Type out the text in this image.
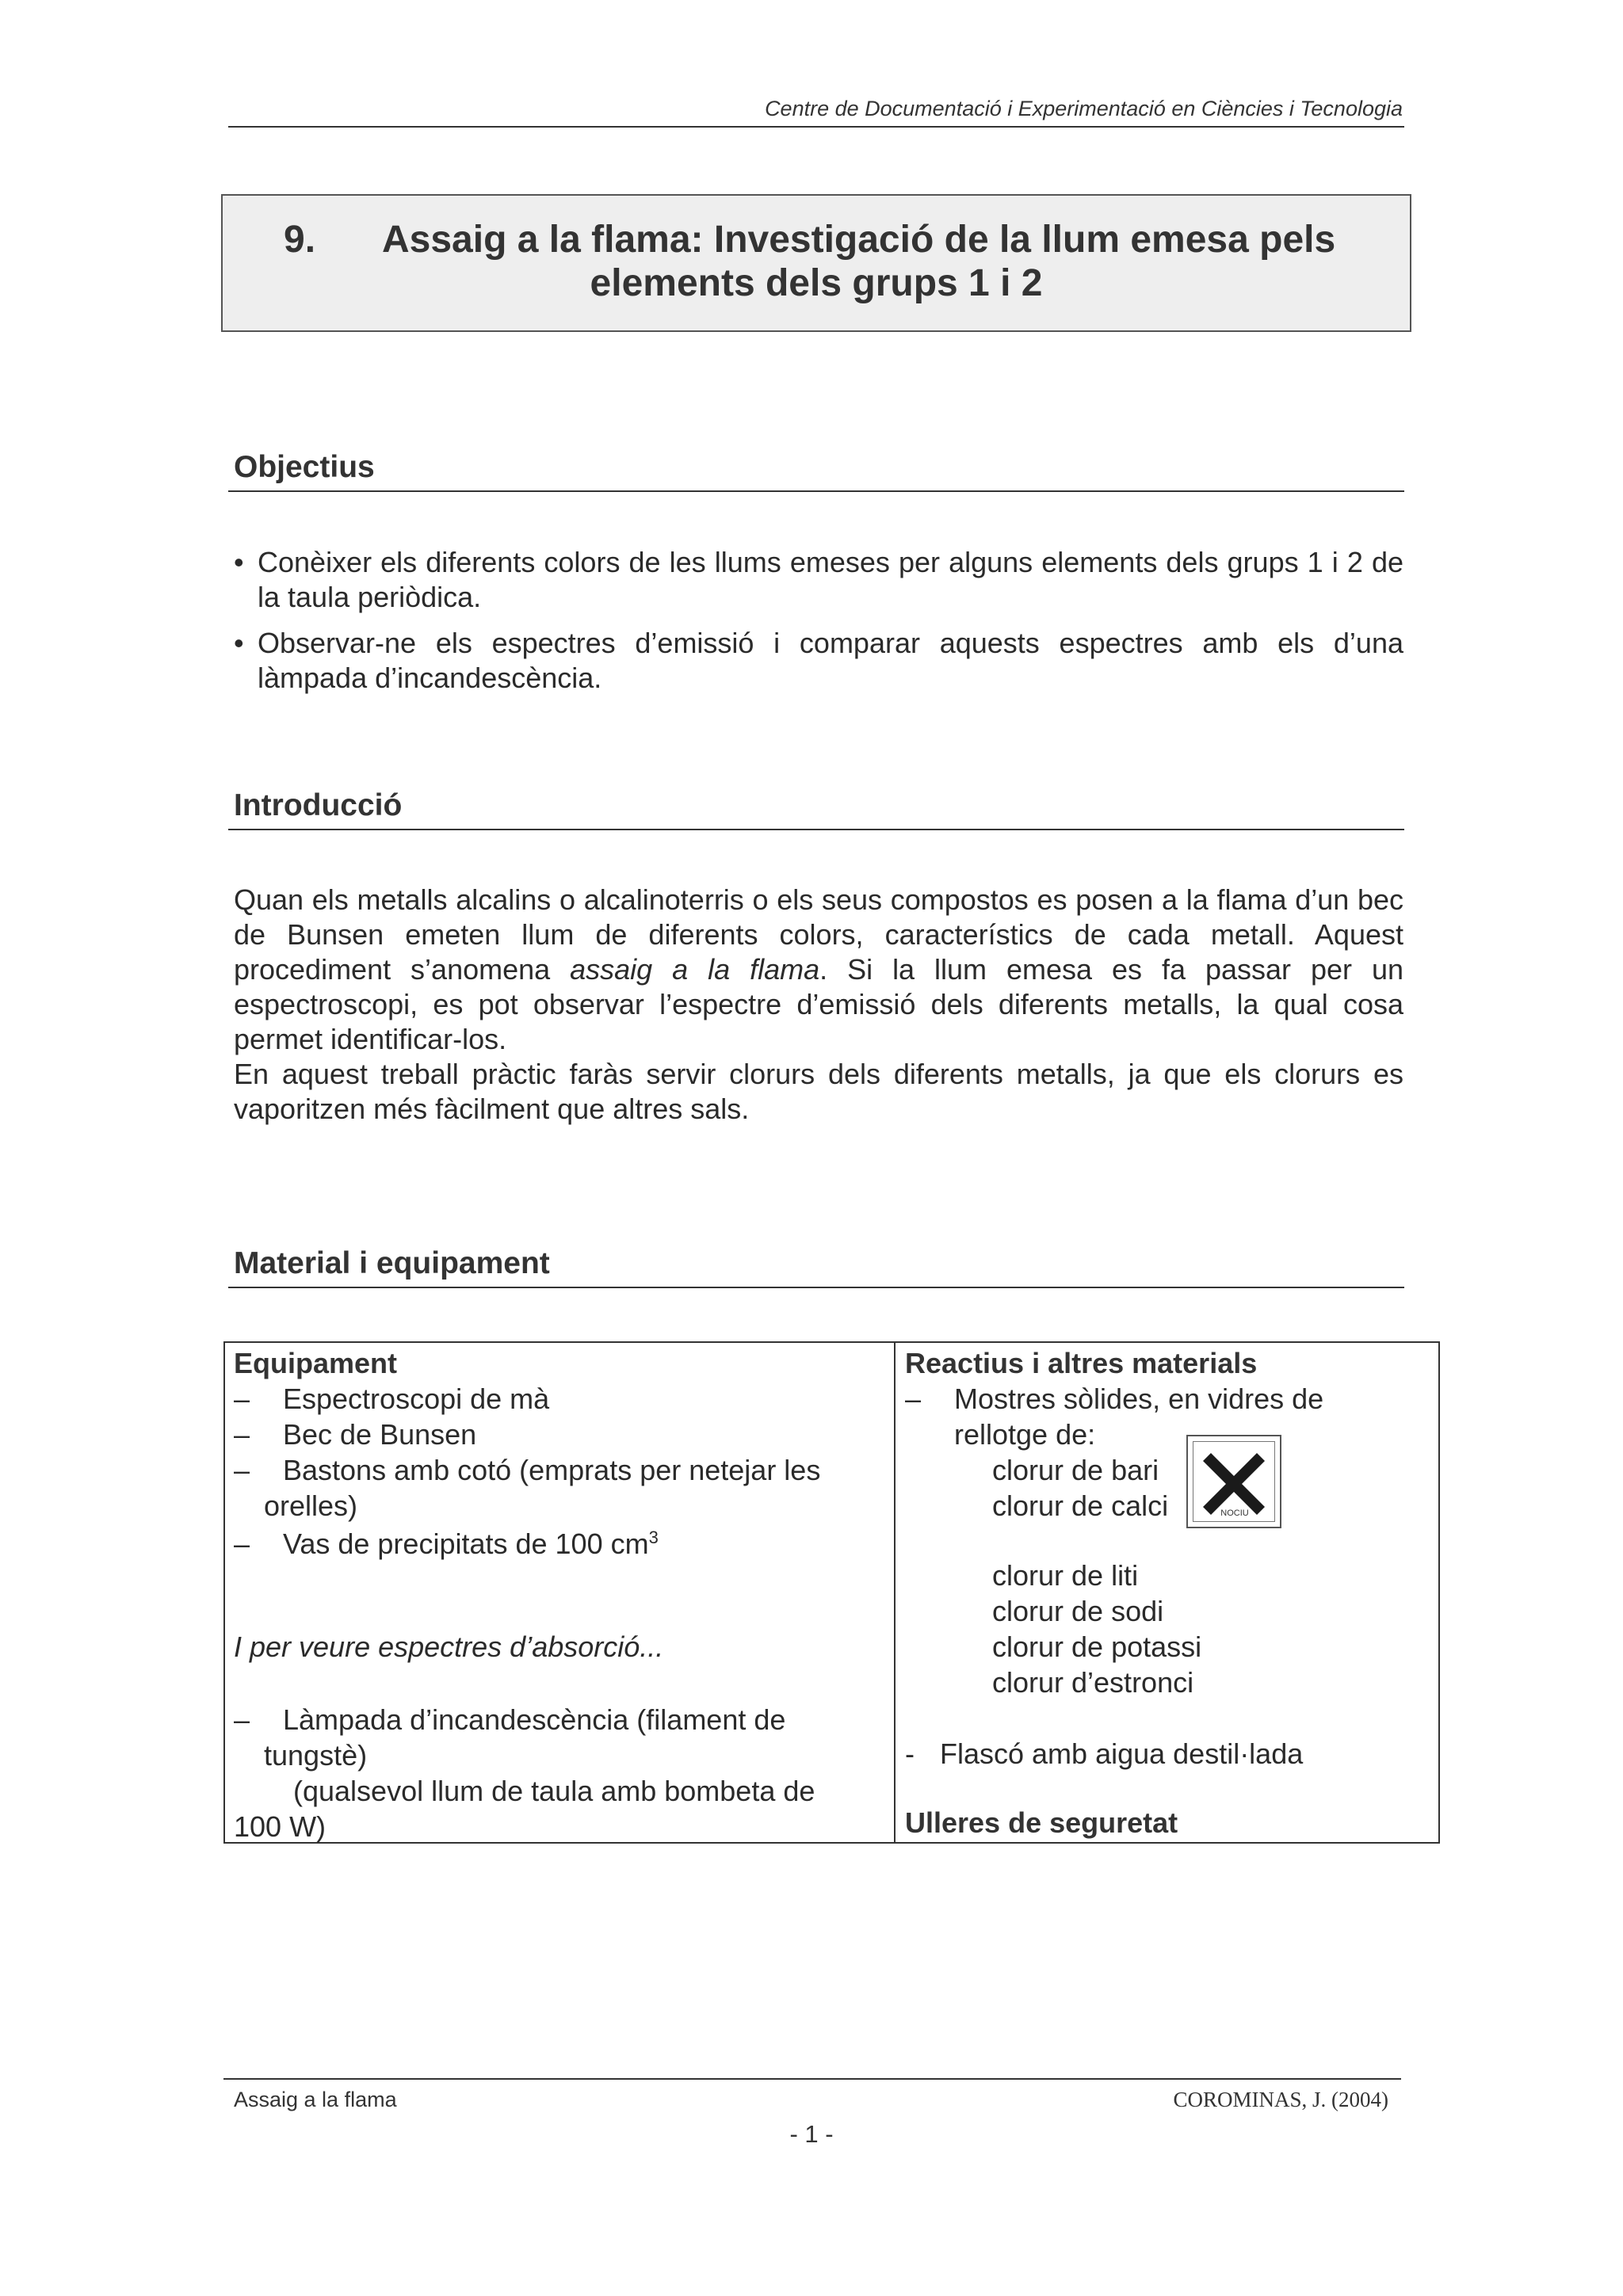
Centre de Documentació i Experimentació en Ciències i Tecnologia
9. Assaig a la flama: Investigació de la llum emesa pels
elements dels grups 1 i 2
Objectius
• Conèixer els diferents colors de les llums emeses per alguns elements dels grups 1 i 2 de la taula periòdica.
• Observar-ne els espectres d’emissió i comparar aquests espectres amb els d’una làmpada d’incandescència.
Introducció
Quan els metalls alcalins o alcalinoterris o els seus compostos es posen a la flama d’un bec de Bunsen emeten llum de diferents colors, característics de cada metall. Aquest procediment s’anomena assaig a la flama. Si la llum emesa es fa passar per un espectroscopi, es pot observar l’espectre d’emissió dels diferents metalls, la qual cosa permet identificar-los.
En aquest treball pràctic faràs servir clorurs dels diferents metalls, ja que els clorurs es vaporitzen més fàcilment que altres sals.
Material i equipament
Equipament
– Espectroscopi de mà
– Bec de Bunsen
– Bastons amb cotó (emprats per netejar les
orelles)
– Vas de precipitats de 100 $cm^3$
I per veure espectres d’absorció...
– Làmpada d’incandescència (filament de
tungstè)
(qualsevol llum de taula amb bombeta de
100 W)
Reactius i altres materials
– Mostres sòlides, en vidres de
rellotge de:
clorur de bari
clorur de calci	NOCIU
clorur de liti
clorur de sodi
clorur de potassi
clorur d’estronci
- Flascó amb aigua destil·lada
Ulleres de seguretat
Assaig a la flama	COROMINAS, J. (2004)
- 1 -
